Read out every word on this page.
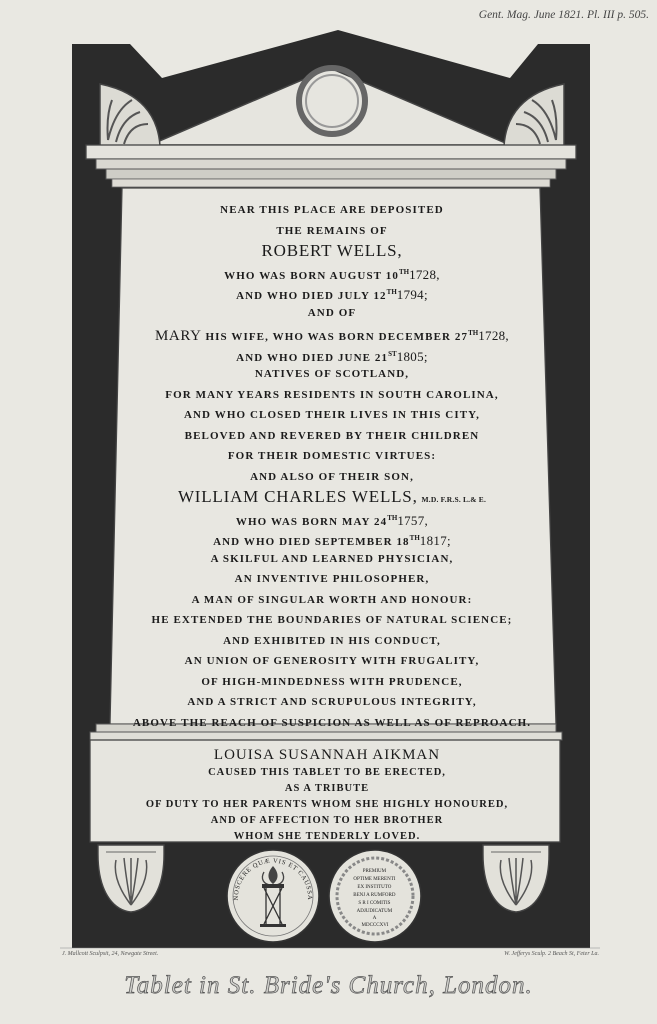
NOSCERE QUÆ VIS ET CAUSSA
PREMIUM OPTIME MERENTI EX INSTITUTO BENJ A RUMFORD S R I COMITIS ADJUDICATUM A MDCCCXVI
Gent. Mag. June 1821. Pl. III p. 505.
NEAR THIS PLACE ARE DEPOSITED
THE REMAINS OF
ROBERT WELLS,
WHO WAS BORN AUGUST 10TH1728,
AND WHO DIED JULY 12TH1794;
AND OF
MARY HIS WIFE, WHO WAS BORN DECEMBER 27TH1728,
AND WHO DIED JUNE 21ST1805;
NATIVES OF SCOTLAND,
FOR MANY YEARS RESIDENTS IN SOUTH CAROLINA,
AND WHO CLOSED THEIR LIVES IN THIS CITY,
BELOVED AND REVERED BY THEIR CHILDREN
FOR THEIR DOMESTIC VIRTUES:
AND ALSO OF THEIR SON,
WILLIAM CHARLES WELLS, M.D. F.R.S. L.& E.
WHO WAS BORN MAY 24TH1757,
AND WHO DIED SEPTEMBER 18TH1817;
A SKILFUL AND LEARNED PHYSICIAN,
AN INVENTIVE PHILOSOPHER,
A MAN OF SINGULAR WORTH AND HONOUR:
HE EXTENDED THE BOUNDARIES OF NATURAL SCIENCE;
AND EXHIBITED IN HIS CONDUCT,
AN UNION OF GENEROSITY WITH FRUGALITY,
OF HIGH-MINDEDNESS WITH PRUDENCE,
AND A STRICT AND SCRUPULOUS INTEGRITY,
ABOVE THE REACH OF SUSPICION AS WELL AS OF REPROACH.
LOUISA SUSANNAH AIKMAN
CAUSED THIS TABLET TO BE ERECTED,
AS A TRIBUTE
OF DUTY TO HER PARENTS WHOM SHE HIGHLY HONOURED,
AND OF AFFECTION TO HER BROTHER
WHOM SHE TENDERLY LOVED.
J. Mallcott Sculpsit, 24, Newgate Street.	W. Jefferys Sculp. 2 Beach St, Feter La.
Tablet in St. Bride's Church, London.
